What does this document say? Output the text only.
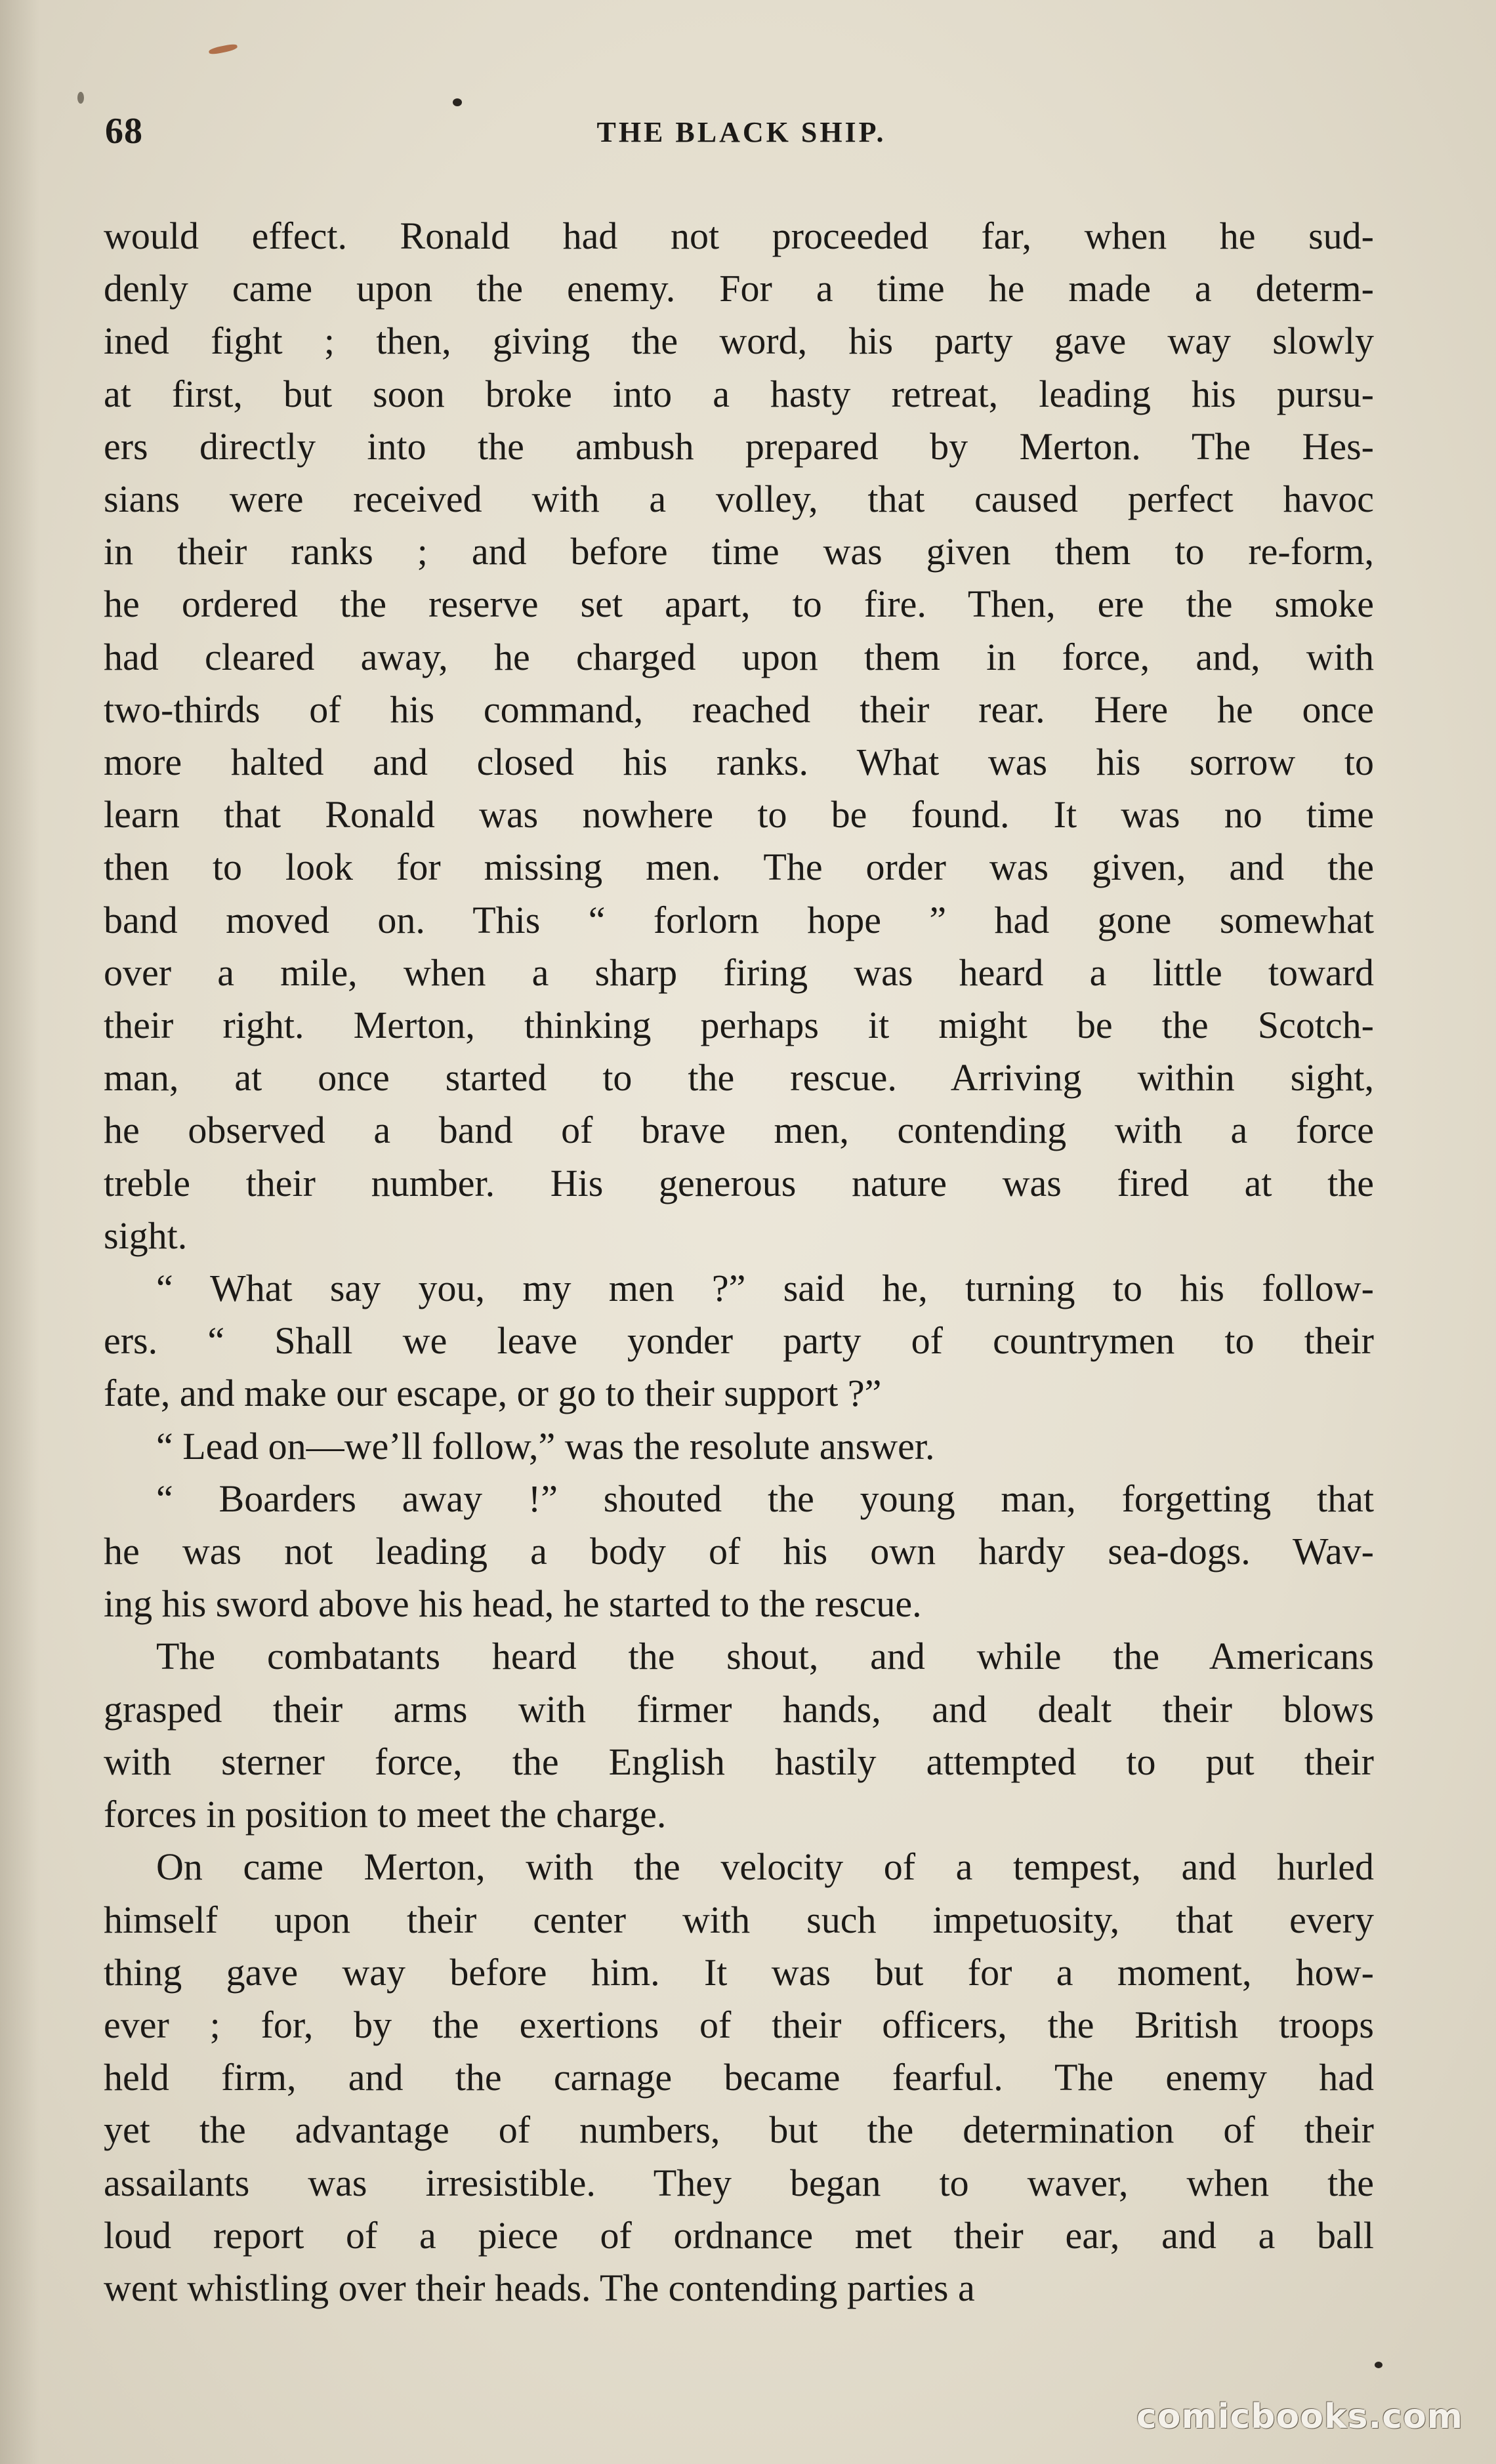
68	THE BLACK SHIP.
would effect. Ronald had not proceeded far, when he sud-
denly came upon the enemy. For a time he made a determ-
ined fight ; then, giving the word, his party gave way slowly
at first, but soon broke into a hasty retreat, leading his pursu-
ers directly into the ambush prepared by Merton. The Hes-
sians were received with a volley, that caused perfect havoc
in their ranks ; and before time was given them to re-form,
he ordered the reserve set apart, to fire. Then, ere the smoke
had cleared away, he charged upon them in force, and, with
two-thirds of his command, reached their rear. Here he once
more halted and closed his ranks. What was his sorrow to
learn that Ronald was nowhere to be found. It was no time
then to look for missing men. The order was given, and the
band moved on. This “ forlorn hope ” had gone somewhat
over a mile, when a sharp firing was heard a little toward
their right. Merton, thinking perhaps it might be the Scotch-
man, at once started to the rescue. Arriving within sight,
he observed a band of brave men, contending with a force
treble their number. His generous nature was fired at the
sight.
“ What say you, my men ?” said he, turning to his follow-
ers. “ Shall we leave yonder party of countrymen to their
fate, and make our escape, or go to their support ?”
“ Lead on—we’ll follow,” was the resolute answer.
“ Boarders away !” shouted the young man, forgetting that
he was not leading a body of his own hardy sea-dogs. Wav-
ing his sword above his head, he started to the rescue.
The combatants heard the shout, and while the Americans
grasped their arms with firmer hands, and dealt their blows
with sterner force, the English hastily attempted to put their
forces in position to meet the charge.
On came Merton, with the velocity of a tempest, and hurled
himself upon their center with such impetuosity, that every
thing gave way before him. It was but for a moment, how-
ever ; for, by the exertions of their officers, the British troops
held firm, and the carnage became fearful. The enemy had
yet the advantage of numbers, but the determination of their
assailants was irresistible. They began to waver, when the
loud report of a piece of ordnance met their ear, and a ball
went whistling over their heads. The contending parties a
comicbooks.com
